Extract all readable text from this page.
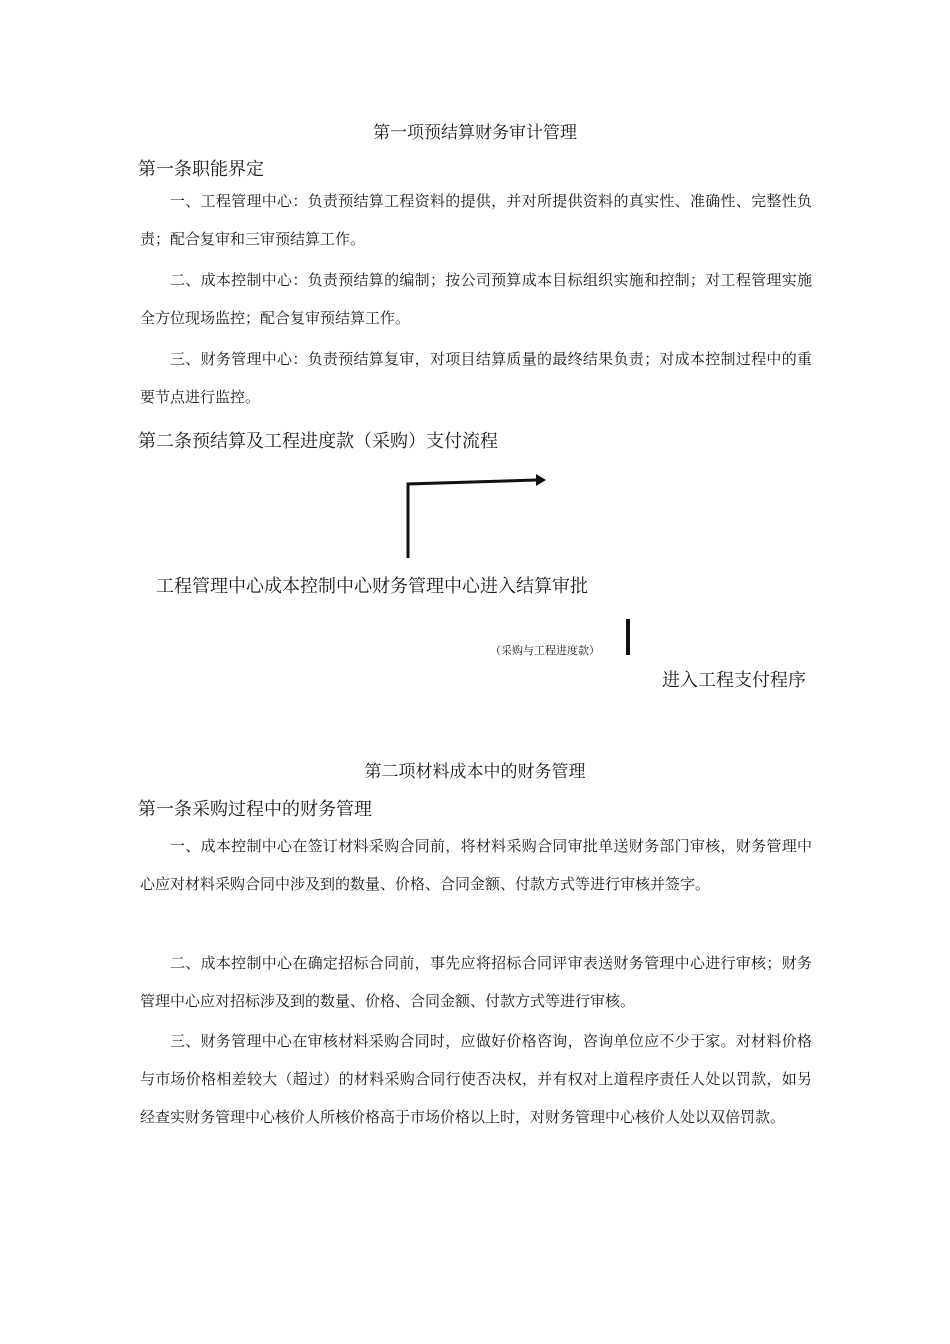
第一项预结算财务审计管理
第一条职能界定
一、工程管理中心：负责预结算工程资料的提供，并对所提供资料的真实性、准确性、完整性负责；配合复审和三审预结算工作。
二、成本控制中心：负责预结算的编制；按公司预算成本目标组织实施和控制；对工程管理实施全方位现场监控；配合复审预结算工作。
三、财务管理中心：负责预结算复审，对项目结算质量的最终结果负责；对成本控制过程中的重要节点进行监控。
第二条预结算及工程进度款（采购）支付流程
工程管理中心成本控制中心财务管理中心进入结算审批
（采购与工程进度款）
进入工程支付程序
第二项材料成本中的财务管理
第一条采购过程中的财务管理
一、成本控制中心在签订材料采购合同前，将材料采购合同审批单送财务部门审核，财务管理中心应对材料采购合同中涉及到的数量、价格、合同金额、付款方式等进行审核并签字。
二、成本控制中心在确定招标合同前，事先应将招标合同评审表送财务管理中心进行审核；财务管理中心应对招标涉及到的数量、价格、合同金额、付款方式等进行审核。
三、财务管理中心在审核材料采购合同时，应做好价格咨询，咨询单位应不少于家。对材料价格与市场价格相差较大（超过）的材料采购合同行使否决权，并有权对上道程序责任人处以罚款，如另经查实财务管理中心核价人所核价格高于市场价格以上时，对财务管理中心核价人处以双倍罚款。
